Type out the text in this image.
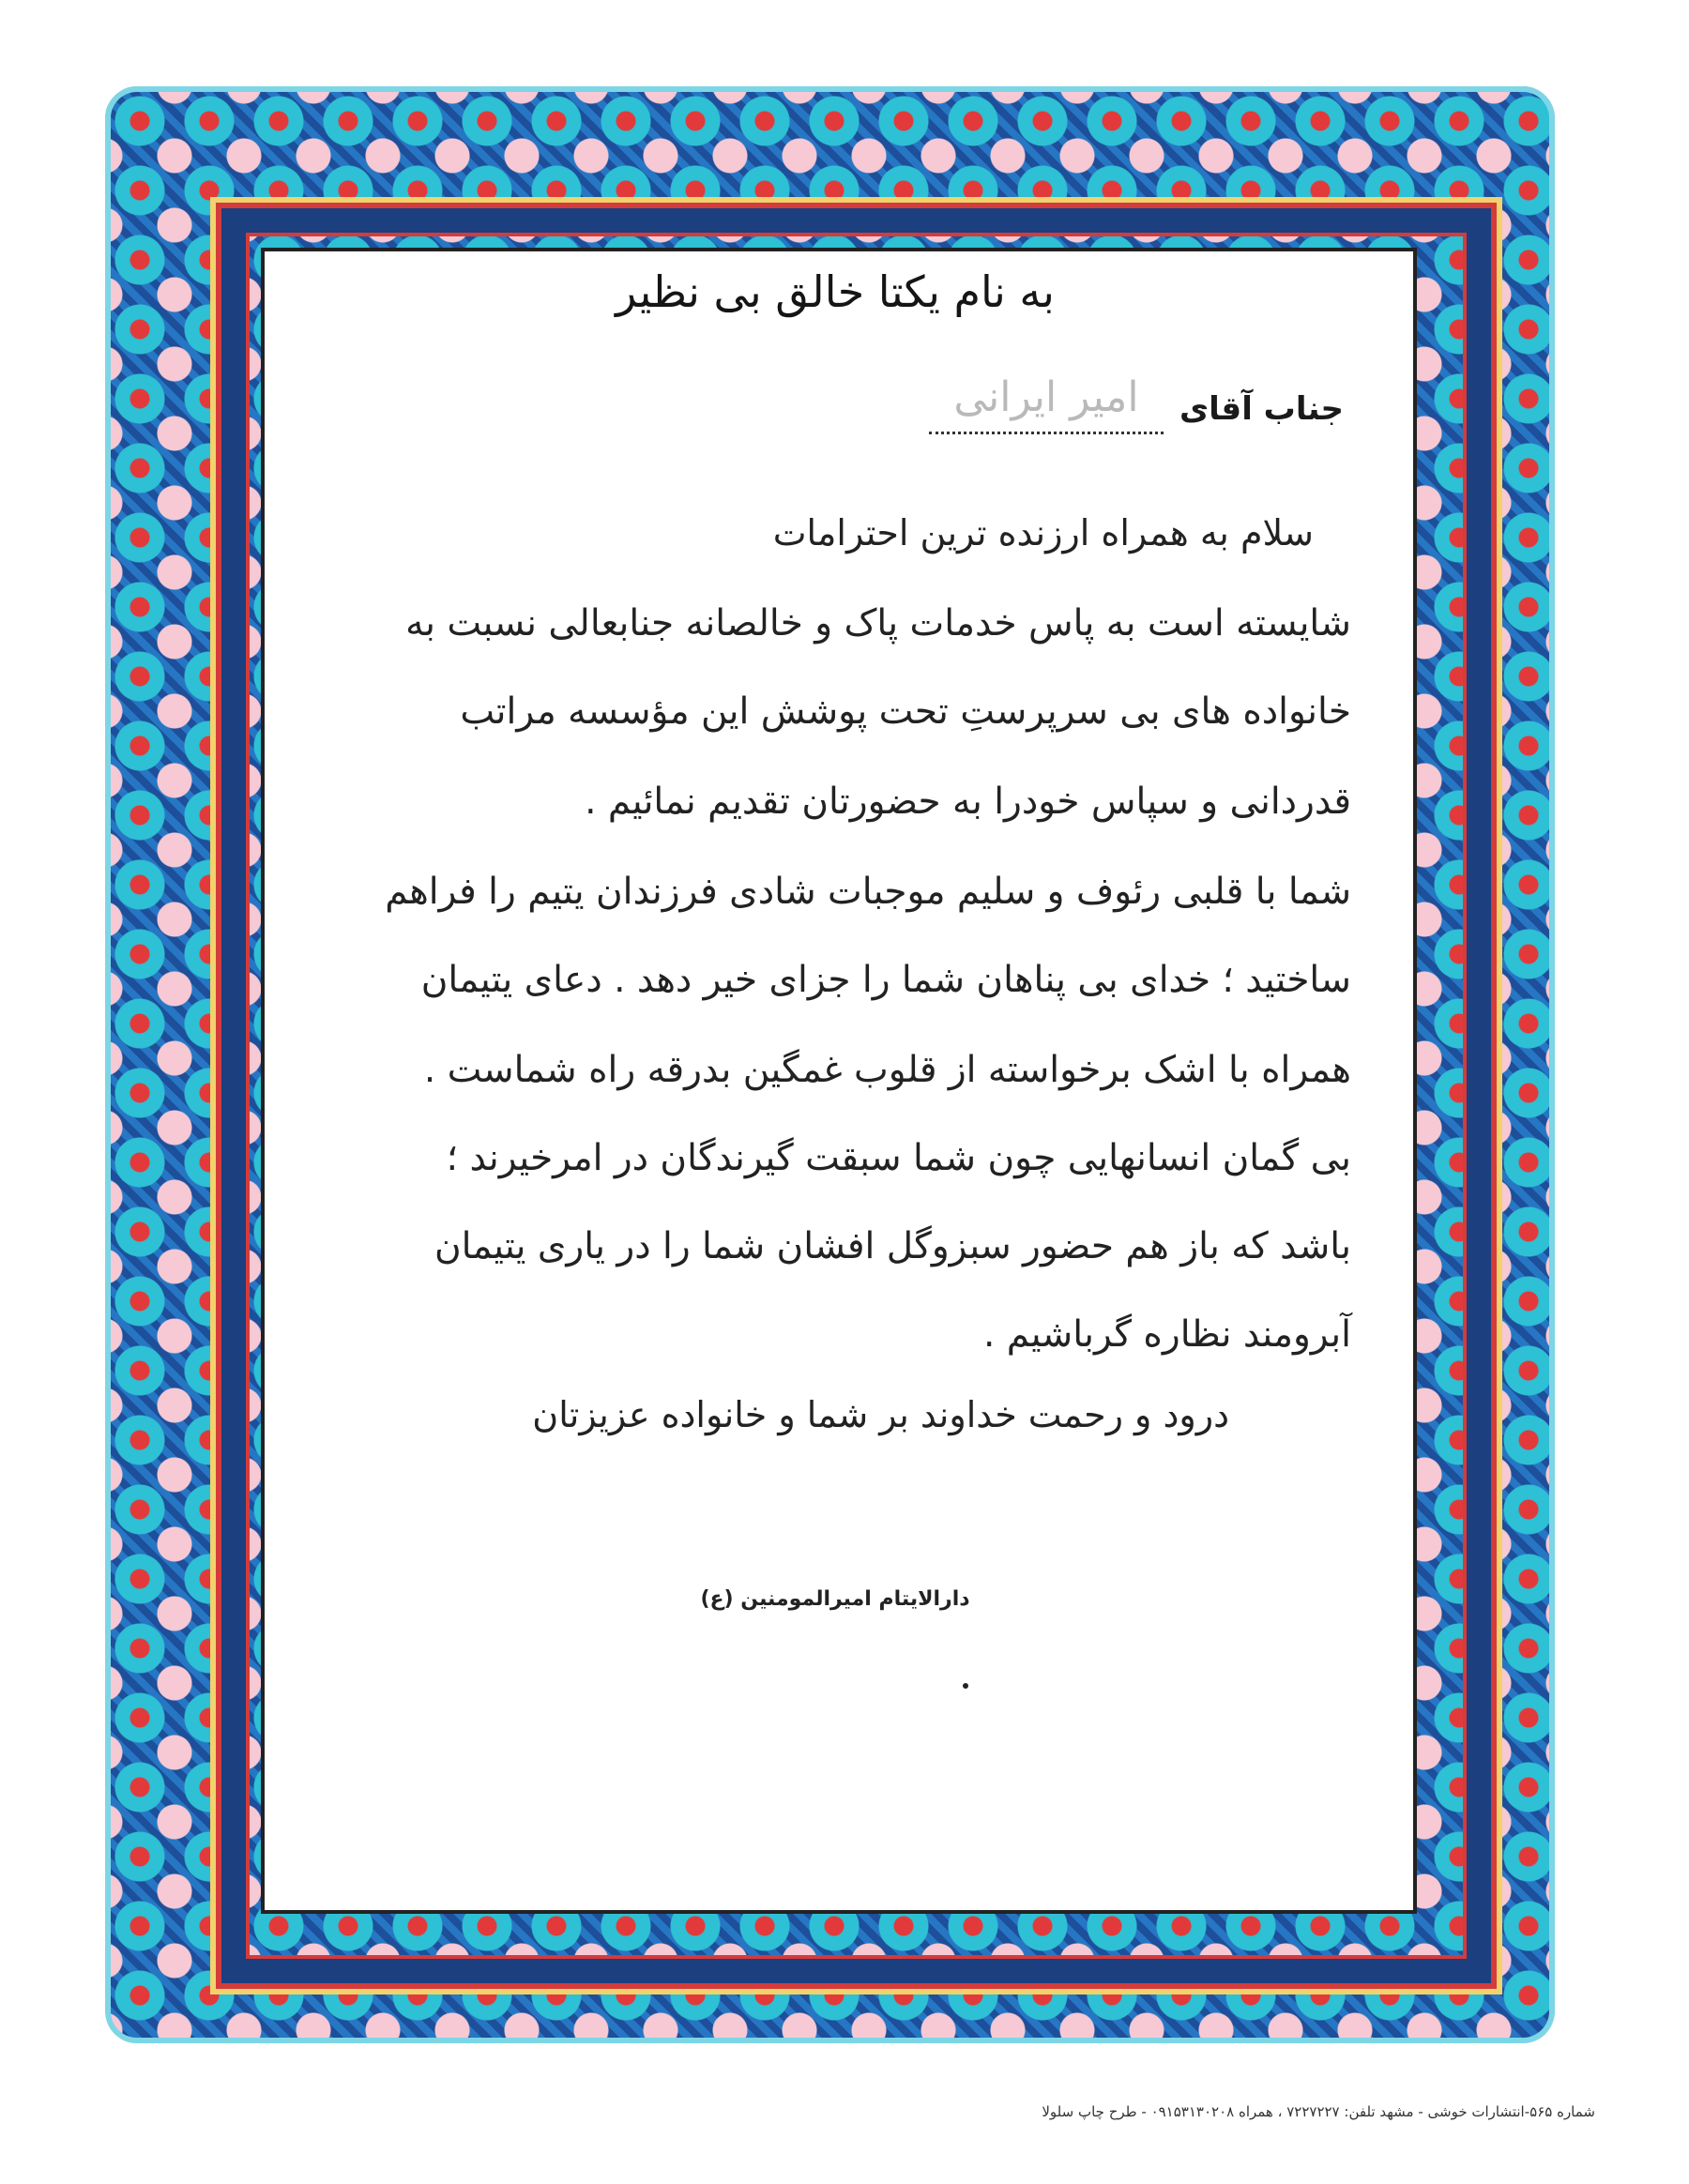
به نام یکتا خالق بی نظیر
جناب آقای
امیر ایرانی
سلام به همراه ارزنده ترین احترامات
شایسته است به پاس خدمات پاک و خالصانه جنابعالی نسبت به
خانواده های بی سرپرستِ تحت پوشش این مؤسسه مراتب
قدردانی و سپاس خودرا به حضورتان تقدیم نمائیم .
شما با قلبی رئوف و سلیم موجبات شادی فرزندان یتیم را فراهم
ساختید ؛ خدای بی پناهان شما را جزای خیر دهد . دعای یتیمان
همراه با اشک برخواسته از قلوب غمگین بدرقه راه شماست .
بی گمان انسانهایی چون شما سبقت گیرندگان در امرخیرند ؛
باشد که باز هم حضور سبزوگل افشان شما را در یاری یتیمان
آبرومند نظاره گرباشیم .
درود و رحمت خداوند بر شما و خانواده عزیزتان
دارالایتام امیرالمومنین (ع)
شماره ۵۶۵-انتشارات خوشی - مشهد تلفن: ۷۲۲۷۲۲۷ ، همراه ۰۹۱۵۳۱۳۰۲۰۸ - طرح چاپ سلولا
